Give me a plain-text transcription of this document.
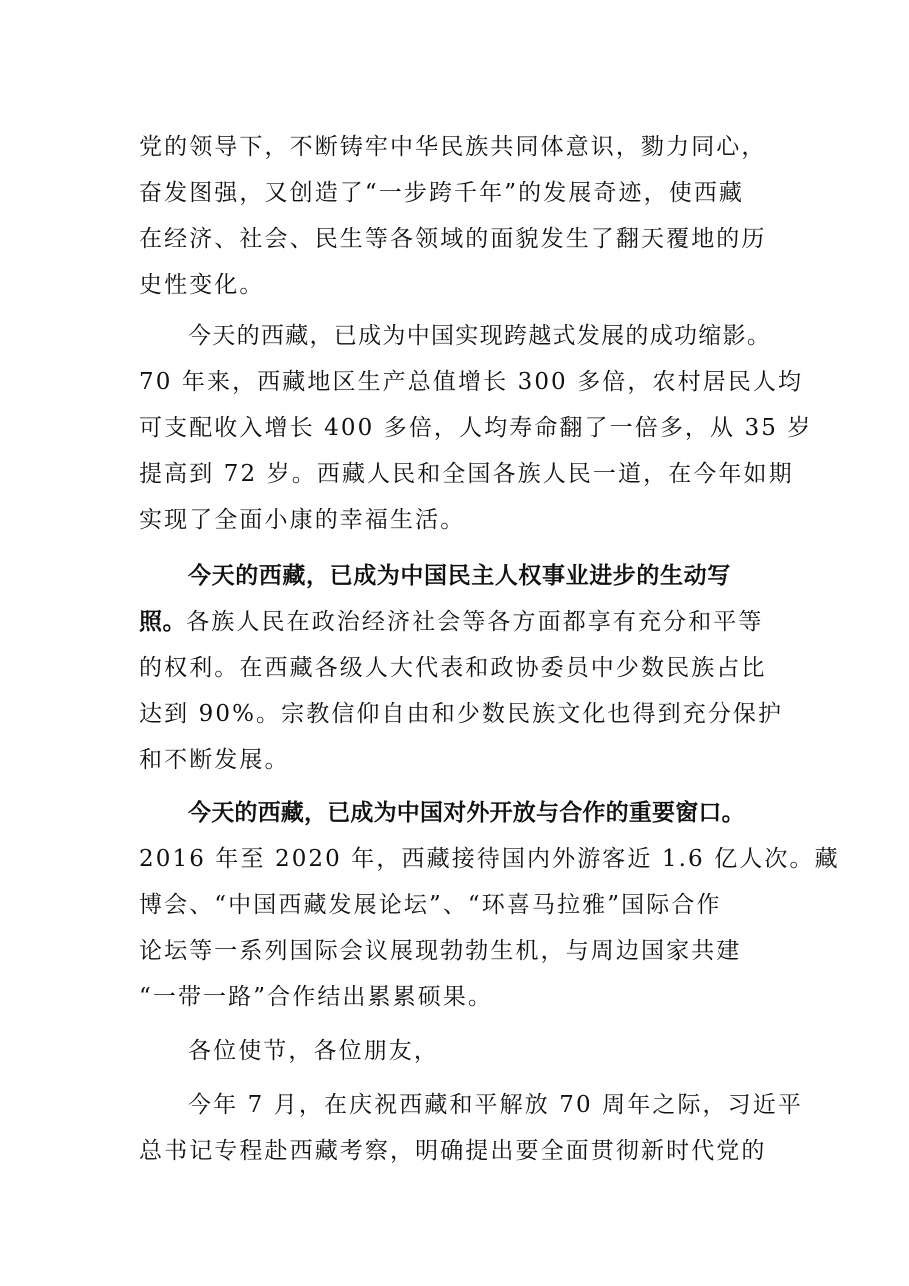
党的领导下，不断铸牢中华民族共同体意识，勠力同心，
奋发图强，又创造了“一步跨千年”的发展奇迹，使西藏
在经济、社会、民生等各领域的面貌发生了翻天覆地的历
史性变化。
今天的西藏，已成为中国实现跨越式发展的成功缩影。
70 年来，西藏地区生产总值增长 300 多倍，农村居民人均
可支配收入增长 400 多倍，人均寿命翻了一倍多，从 35 岁
提高到 72 岁。西藏人民和全国各族人民一道，在今年如期
实现了全面小康的幸福生活。
今天的西藏，已成为中国民主人权事业进步的生动写
照。各族人民在政治经济社会等各方面都享有充分和平等
的权利。在西藏各级人大代表和政协委员中少数民族占比
达到 90%。宗教信仰自由和少数民族文化也得到充分保护
和不断发展。
今天的西藏，已成为中国对外开放与合作的重要窗口。
2016 年至 2020 年，西藏接待国内外游客近 1.6 亿人次。藏
博会、“中国西藏发展论坛”、“环喜马拉雅”国际合作
论坛等一系列国际会议展现勃勃生机，与周边国家共建
“一带一路”合作结出累累硕果。
各位使节，各位朋友，
今年 7 月，在庆祝西藏和平解放 70 周年之际，习近平
总书记专程赴西藏考察，明确提出要全面贯彻新时代党的
